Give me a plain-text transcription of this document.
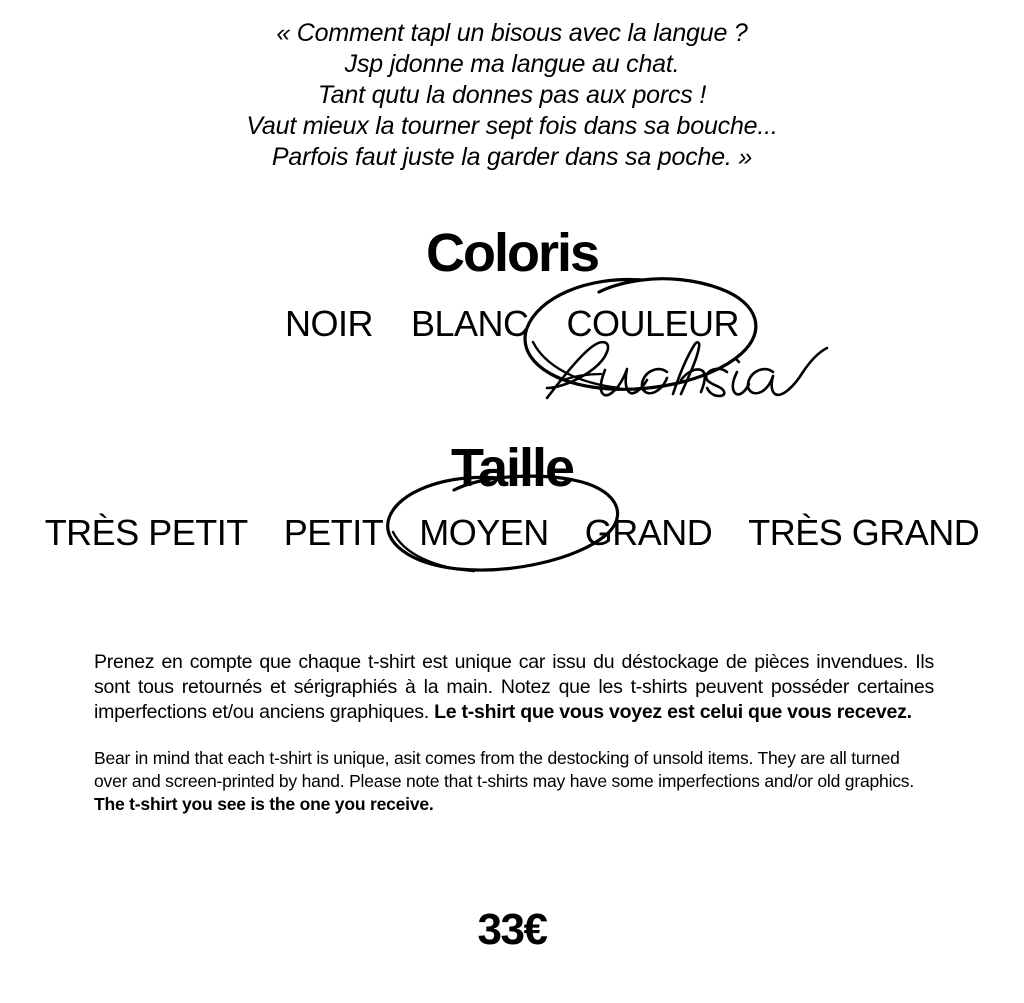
« Comment tapl un bisous avec la langue ?
Jsp jdonne ma langue au chat.
Tant qutu la donnes pas aux porcs !
Vaut mieux la tourner sept fois dans sa bouche...
Parfois faut juste la garder dans sa poche. »
Coloris
NOIR BLANC COULEUR
Taille
TRÈS PETIT PETIT MOYEN GRAND TRÈS GRAND

Prenez en compte que chaque t-shirt est unique car issu du déstockage de pièces invendues. Ils sont tous retournés et sérigraphiés à la main. Notez que les t-shirts peuvent posséder certaines imperfections et/ou anciens graphiques. Le t-shirt que vous voyez est celui que vous recevez.

Bear in mind that each t-shirt is unique, asit comes from the destocking of unsold items. They are all turned over and screen-printed by hand. Please note that t-shirts may have some imperfections and/or old graphics. The t-shirt you see is the one you receive.

33€
